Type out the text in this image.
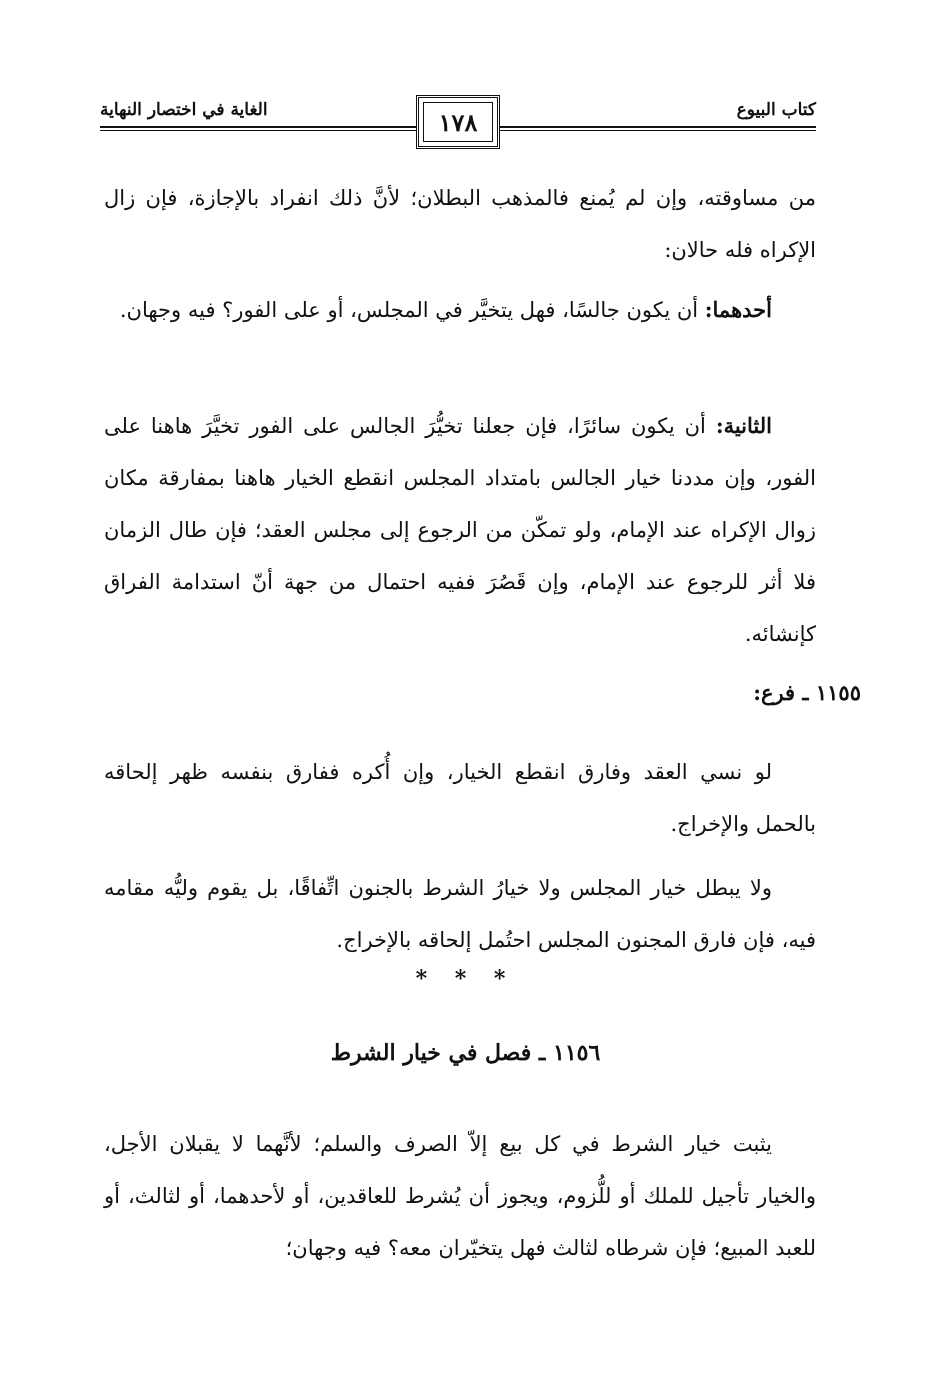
كتاب البيوع
١٧٨
الغاية في اختصار النهاية

من مساوقته، وإن لم يُمنع فالمذهب البطلان؛ لأنَّ ذلك انفراد بالإجازة، فإن زال الإكراه فله حالان:

أحدهما: أن يكون جالسًا، فهل يتخيَّر في المجلس، أو على الفور؟ فيه وجهان.

الثانية: أن يكون سائرًا، فإن جعلنا تخيُّرَ الجالس على الفور تخيَّرَ هاهنا على الفور، وإن مددنا خيار الجالس بامتداد المجلس انقطع الخيار هاهنا بمفارقة مكان زوال الإكراه عند الإمام، ولو تمكّن من الرجوع إلى مجلس العقد؛ فإن طال الزمان فلا أثر للرجوع عند الإمام، وإن قَصُرَ ففيه احتمال من جهة أنّ استدامة الفراق كإنشائه.

١١٥٥ ـ فرع:

لو نسي العقد وفارق انقطع الخيار، وإن أُكره ففارق بنفسه ظهر إلحاقه بالحمل والإخراج.

ولا يبطل خيار المجلس ولا خيارُ الشرط بالجنون اتِّفاقًا، بل يقوم وليُّه مقامه فيه، فإن فارق المجنون المجلس احتُمل إلحاقه بالإخراج.

* * *
١١٥٦ ـ فصل في خيار الشرط

يثبت خيار الشرط في كل بيع إلاّ الصرف والسلم؛ لأنَّهما لا يقبلان الأجل، والخيار تأجيل للملك أو للُّزوم، ويجوز أن يُشرط للعاقدين، أو لأحدهما، أو لثالث، أو للعبد المبيع؛ فإن شرطاه لثالث فهل يتخيّران معه؟ فيه وجهان؛
